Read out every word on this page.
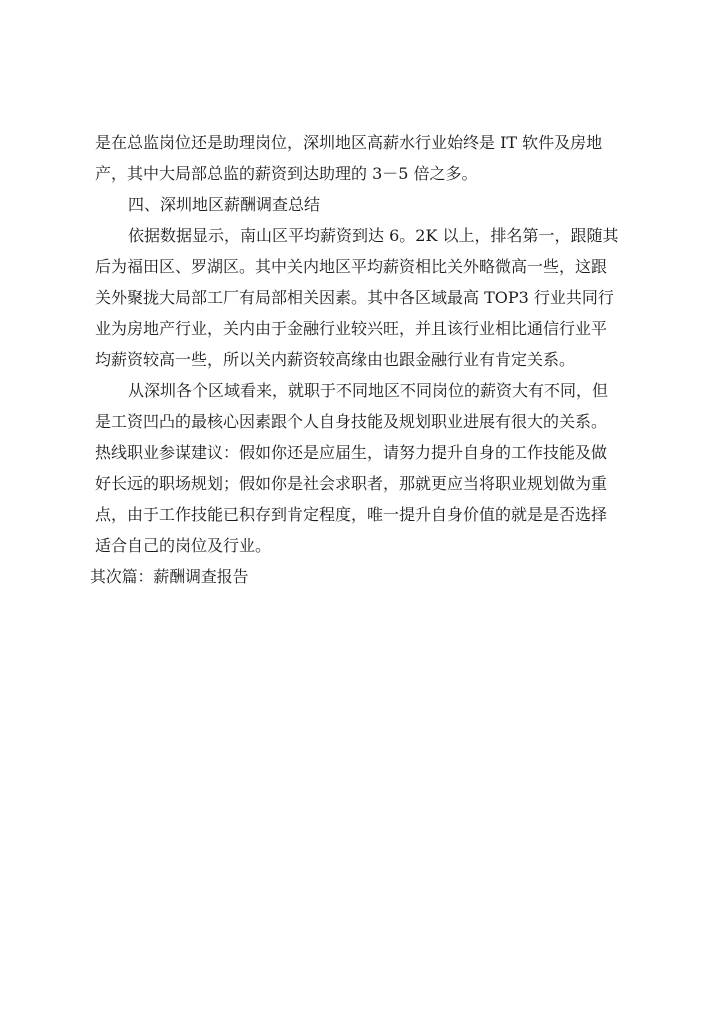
是在总监岗位还是助理岗位，深圳地区高薪水行业始终是 IT 软件及房地
产，其中大局部总监的薪资到达助理的 3－5 倍之多。
四、深圳地区薪酬调查总结
依据数据显示，南山区平均薪资到达 6。2K 以上，排名第一，跟随其
后为福田区、罗湖区。其中关内地区平均薪资相比关外略微高一些，这跟
关外聚拢大局部工厂有局部相关因素。其中各区域最高 TOP3 行业共同行
业为房地产行业，关内由于金融行业较兴旺，并且该行业相比通信行业平
均薪资较高一些，所以关内薪资较高缘由也跟金融行业有肯定关系。
从深圳各个区域看来，就职于不同地区不同岗位的薪资大有不同，但
是工资凹凸的最核心因素跟个人自身技能及规划职业进展有很大的关系。
热线职业参谋建议：假如你还是应届生，请努力提升自身的工作技能及做
好长远的职场规划；假如你是社会求职者，那就更应当将职业规划做为重
点，由于工作技能已积存到肯定程度，唯一提升自身价值的就是是否选择
适合自己的岗位及行业。
其次篇：薪酬调查报告
